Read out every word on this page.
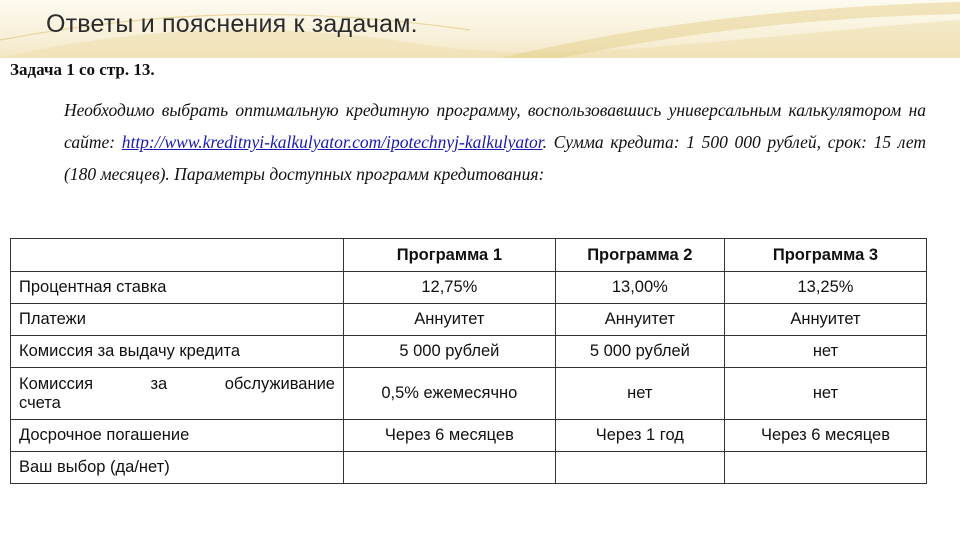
Ответы и пояснения к задачам:

Задача 1 со стр. 13.

Необходимо выбрать оптимальную кредитную программу, воспользовавшись универсальным калькулятором на сайте: http://www.kreditnyi-kalkulyator.com/ipotechnyj-kalkulyator. Сумма кредита: 1 500 000 рублей, срок: 15 лет (180 месяцев). Параметры доступных программ кредитования:

	Программа 1	Программа 2	Программа 3
Процентная ставка	12,75%	13,00%	13,25%
Платежи	Аннуитет	Аннуитет	Аннуитет
Комиссия за выдачу кредита	5 000 рублей	5 000 рублей	нет

Комиссия за обслуживание
счета	0,5% ежемесячно	нет	нет
Досрочное погашение	Через 6 месяцев	Через 1 год	Через 6 месяцев
Ваш выбор (да/нет)			
